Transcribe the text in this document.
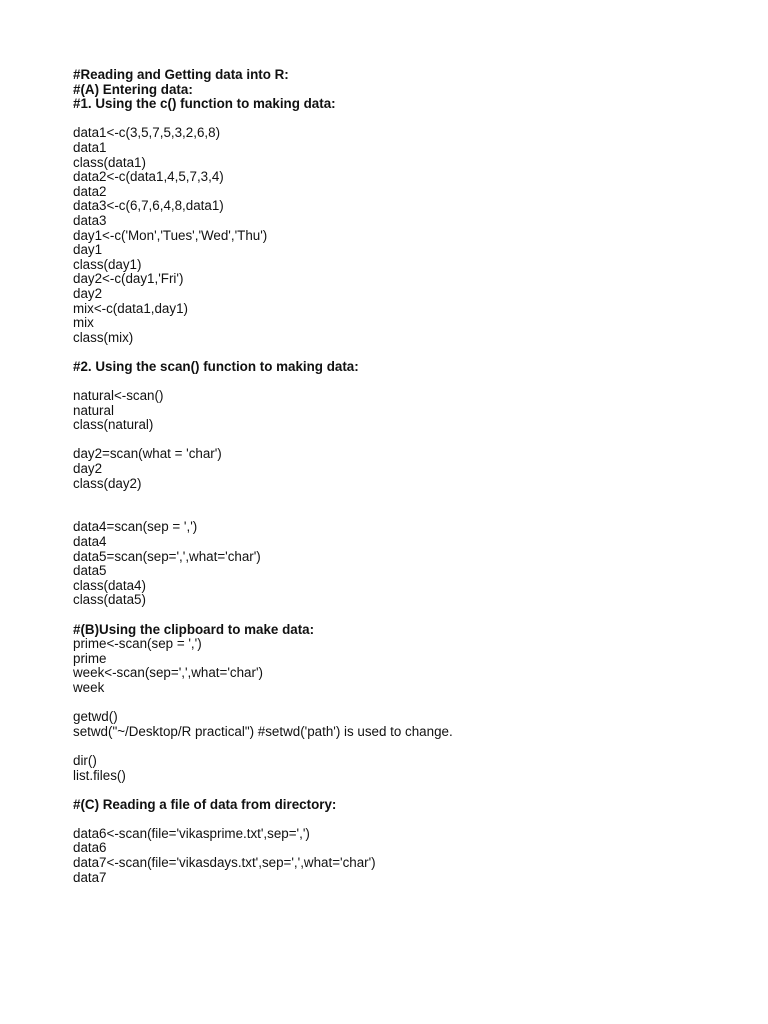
#Reading and Getting data into R:
#(A) Entering data:
#1. Using the c() function to making data:
data1<-c(3,5,7,5,3,2,6,8)
data1
class(data1)
data2<-c(data1,4,5,7,3,4)
data2
data3<-c(6,7,6,4,8,data1)
data3
day1<-c('Mon','Tues','Wed','Thu')
day1
class(day1)
day2<-c(day1,'Fri')
day2
mix<-c(data1,day1)
mix
class(mix)
#2. Using the scan() function to making data:
natural<-scan()
natural
class(natural)
day2=scan(what = 'char')
day2
class(day2)
data4=scan(sep = ',')
data4
data5=scan(sep=',',what='char')
data5
class(data4)
class(data5)
#(B)Using the clipboard to make data:
prime<-scan(sep = ',')
prime
week<-scan(sep=',',what='char')
week
getwd()
setwd("~/Desktop/R practical") #setwd('path') is used to change.
dir()
list.files()
#(C) Reading a file of data from directory:
data6<-scan(file='vikasprime.txt',sep=',')
data6
data7<-scan(file='vikasdays.txt',sep=',',what='char')
data7
